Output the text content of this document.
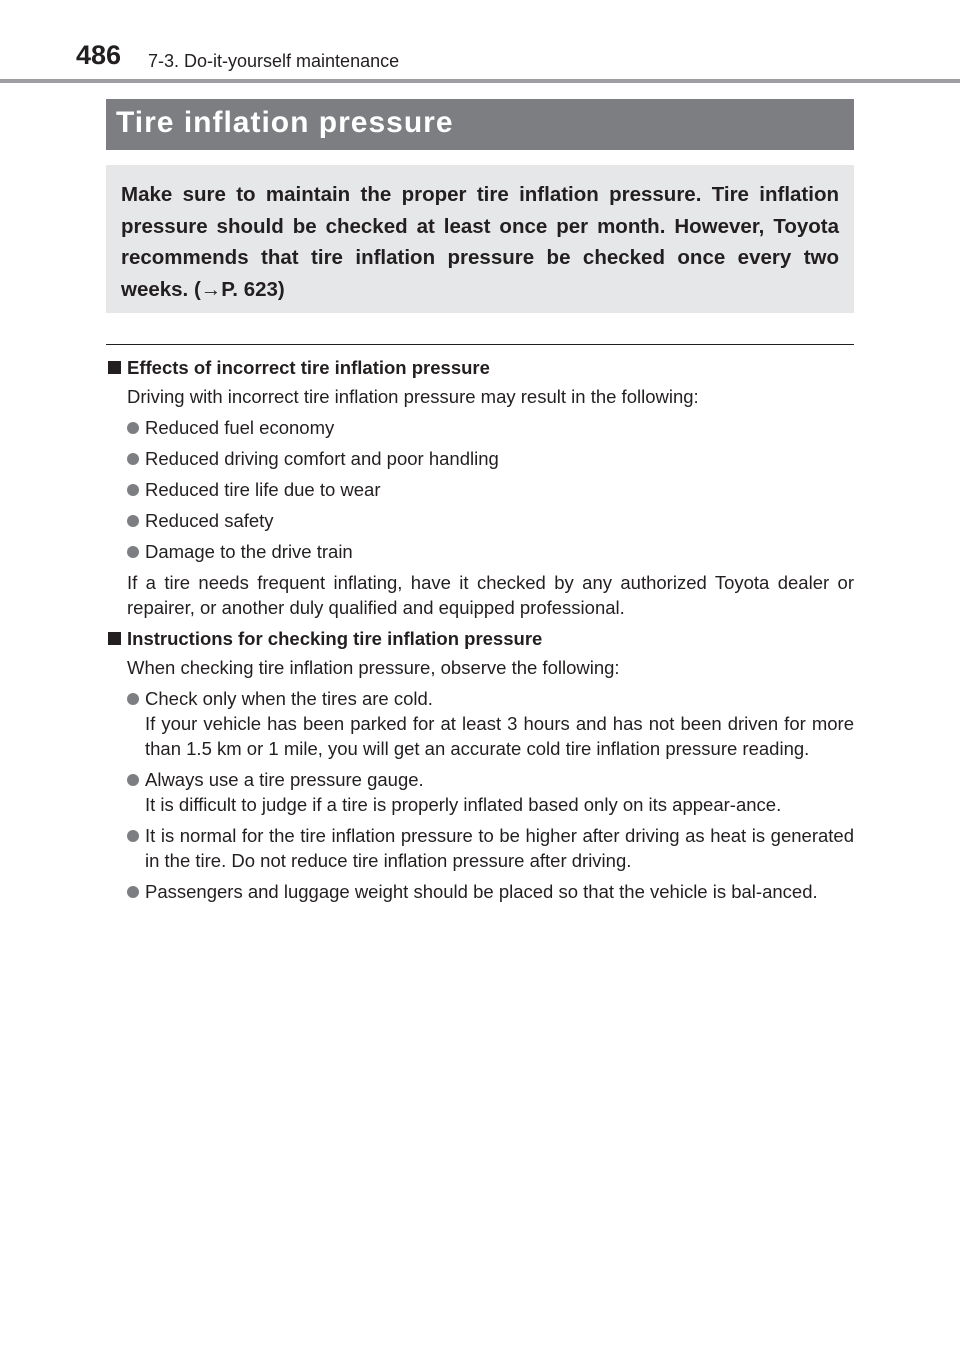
486 7-3. Do-it-yourself maintenance
Tire inflation pressure
Make sure to maintain the proper tire inflation pressure. Tire inflation pressure should be checked at least once per month. However, Toyota recommends that tire inflation pressure be checked once every two weeks. (→P. 623)
Effects of incorrect tire inflation pressure
Driving with incorrect tire inflation pressure may result in the following:
Reduced fuel economy
Reduced driving comfort and poor handling
Reduced tire life due to wear
Reduced safety
Damage to the drive train
If a tire needs frequent inflating, have it checked by any authorized Toyota dealer or repairer, or another duly qualified and equipped professional.
Instructions for checking tire inflation pressure
When checking tire inflation pressure, observe the following:
Check only when the tires are cold.
If your vehicle has been parked for at least 3 hours and has not been driven for more than 1.5 km or 1 mile, you will get an accurate cold tire inflation pressure reading.
Always use a tire pressure gauge.
It is difficult to judge if a tire is properly inflated based only on its appear-ance.
It is normal for the tire inflation pressure to be higher after driving as heat is generated in the tire. Do not reduce tire inflation pressure after driving.
Passengers and luggage weight should be placed so that the vehicle is bal-anced.
